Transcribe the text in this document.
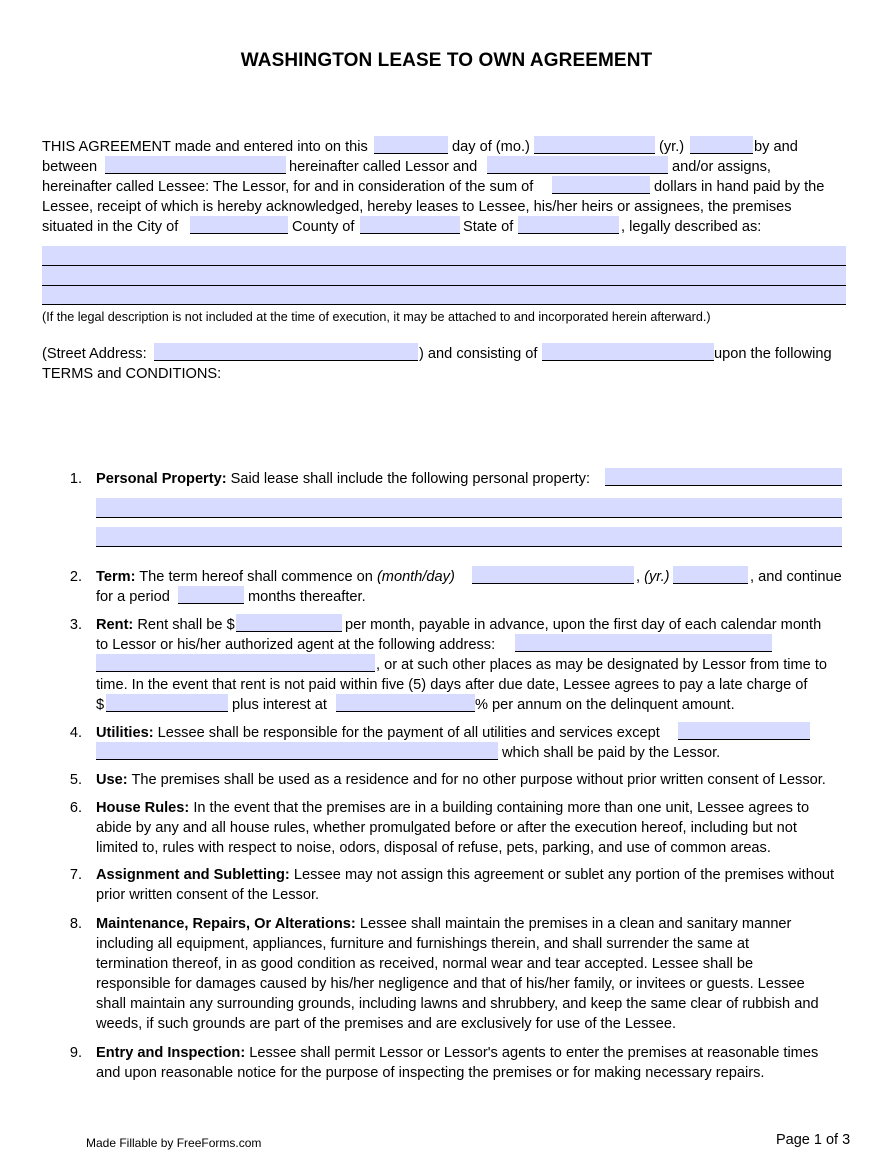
WASHINGTON LEASE TO OWN AGREEMENT
THIS AGREEMENT made and entered into on this	day of (mo.)	(yr.)	by and
between	hereinafter called Lessor and	and/or assigns,
hereinafter called Lessee: The Lessor, for and in consideration of the sum of	dollars in hand paid by the
Lessee, receipt of which is hereby acknowledged, hereby leases to Lessee, his/her heirs or assignees, the premises
situated in the City of	County of	State of	, legally described as:
(If the legal description is not included at the time of execution, it may be attached to and incorporated herein afterward.)
(Street Address:	) and consisting of	upon the following
TERMS and CONDITIONS:
1. Personal Property: Said lease shall include the following personal property:
2. Term: The term hereof shall commence on (month/day)	, (yr.)	, and continue
for a period	months thereafter.
3. Rent: Rent shall be $	per month, payable in advance, upon the first day of each calendar month
to Lessor or his/her authorized agent at the following address:
, or at such other places as may be designated by Lessor from time to
time. In the event that rent is not paid within five (5) days after due date, Lessee agrees to pay a late charge of
$	plus interest at	% per annum on the delinquent amount.
4. Utilities: Lessee shall be responsible for the payment of all utilities and services except
which shall be paid by the Lessor.
5. Use: The premises shall be used as a residence and for no other purpose without prior written consent of Lessor.
6. House Rules: In the event that the premises are in a building containing more than one unit, Lessee agrees to
abide by any and all house rules, whether promulgated before or after the execution hereof, including but not
limited to, rules with respect to noise, odors, disposal of refuse, pets, parking, and use of common areas.
7. Assignment and Subletting: Lessee may not assign this agreement or sublet any portion of the premises without
prior written consent of the Lessor.
8. Maintenance, Repairs, Or Alterations: Lessee shall maintain the premises in a clean and sanitary manner
including all equipment, appliances, furniture and furnishings therein, and shall surrender the same at
termination thereof, in as good condition as received, normal wear and tear accepted. Lessee shall be
responsible for damages caused by his/her negligence and that of his/her family, or invitees or guests. Lessee
shall maintain any surrounding grounds, including lawns and shrubbery, and keep the same clear of rubbish and
weeds, if such grounds are part of the premises and are exclusively for use of the Lessee.
9. Entry and Inspection: Lessee shall permit Lessor or Lessor's agents to enter the premises at reasonable times
and upon reasonable notice for the purpose of inspecting the premises or for making necessary repairs.
Made Fillable by FreeForms.com	Page 1 of 3
